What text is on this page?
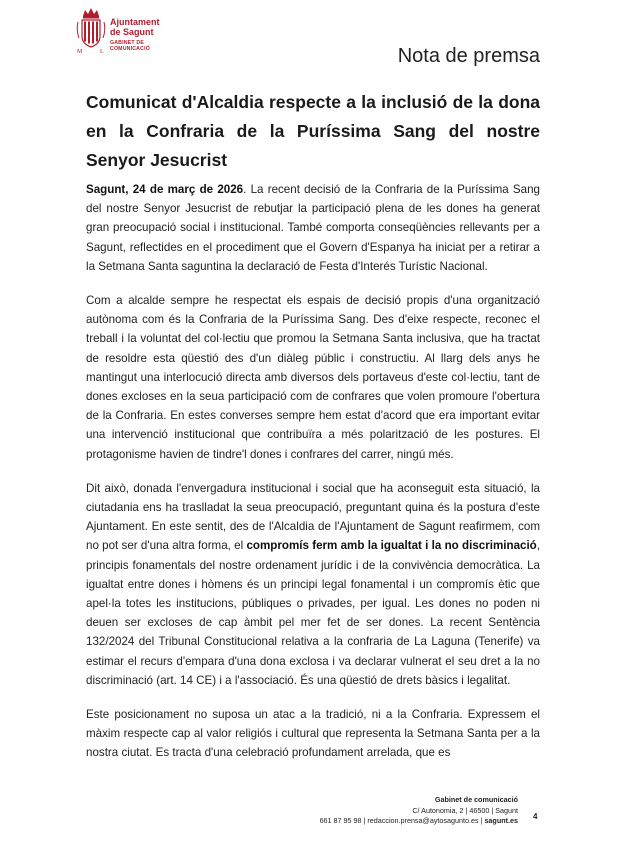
M	L
Ajuntament
de Sagunt
GABINET DE
COMUNICACIÓ	Nota de premsa
Comunicat d'Alcaldia respecte a la inclusió de la dona en la Confraria de la Puríssima Sang del nostre Senyor Jesucrist

Sagunt, 24 de març de 2026. La recent decisió de la Confraria de la Puríssima Sang del nostre Senyor Jesucrist de rebutjar la participació plena de les dones ha generat gran preocupació social i institucional. També comporta conseqüències rellevants per a Sagunt, reflectides en el procediment que el Govern d'Espanya ha iniciat per a retirar a la Setmana Santa saguntina la declaració de Festa d'Interés Turístic Nacional.

Com a alcalde sempre he respectat els espais de decisió propis d'una organització autònoma com és la Confraria de la Puríssima Sang. Des d'eixe respecte, reconec el treball i la voluntat del col·lectiu que promou la Setmana Santa inclusiva, que ha tractat de resoldre esta qüestió des d'un diàleg públic i constructiu. Al llarg dels anys he mantingut una interlocució directa amb diversos dels portaveus d'este col·lectiu, tant de dones excloses en la seua participació com de confrares que volen promoure l'obertura de la Confraria. En estes converses sempre hem estat d'acord que era important evitar una intervenció institucional que contribuïra a més polarització de les postures. El protagonisme havien de tindre'l dones i confrares del carrer, ningú més.

Dit això, donada l'envergadura institucional i social que ha aconseguit esta situació, la ciutadania ens ha traslladat la seua preocupació, preguntant quina és la postura d'este Ajuntament. En este sentit, des de l'Alcaldia de l'Ajuntament de Sagunt reafirmem, com no pot ser d'una altra forma, el compromís ferm amb la igualtat i la no discriminació, principis fonamentals del nostre ordenament jurídic i de la convivència democràtica. La igualtat entre dones i hòmens és un principi legal fonamental i un compromís ètic que apel·la totes les institucions, públiques o privades, per igual. Les dones no poden ni deuen ser excloses de cap àmbit pel mer fet de ser dones. La recent Sentència 132/2024 del Tribunal Constitucional relativa a la confraria de La Laguna (Tenerife) va estimar el recurs d'empara d'una dona exclosa i va declarar vulnerat el seu dret a la no discriminació (art. 14 CE) i a l'associació. És una qüestió de drets bàsics i legalitat.

Este posicionament no suposa un atac a la tradició, ni a la Confraria. Expressem el màxim respecte cap al valor religiós i cultural que representa la Setmana Santa per a la nostra ciutat. Es tracta d'una celebració profundament arrelada, que es

Gabinet de comunicació
C/ Autonomia, 2 | 46500 | Sagunt
661 87 95 98 | redaccion.prensa@aytosagunto.es | sagunt.es 4
